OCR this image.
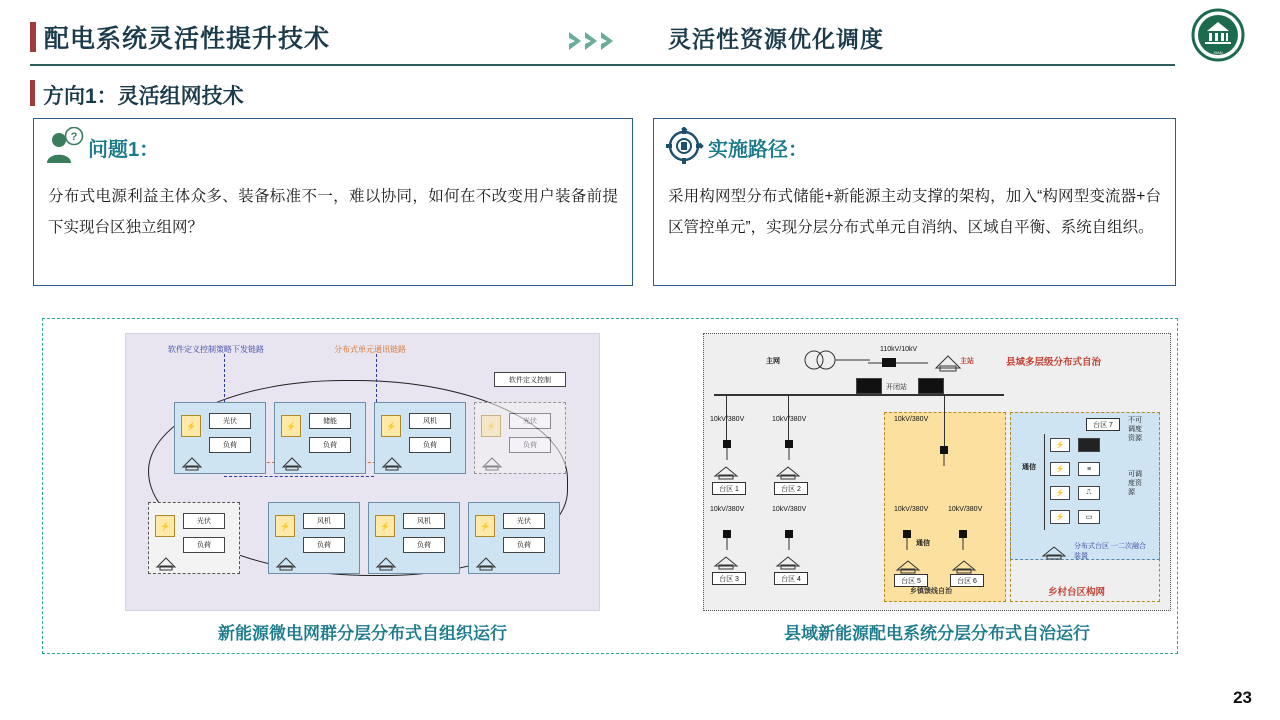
配电系统灵活性提升技术	灵活性资源优化调度
XIAN
方向1：灵活组网技术
?
问题1：
分布式电源利益主体众多、装备标准不一，难以协同，如何在不改变用户装备前提下实现台区独立组网？
实施路径：
采用构网型分布式储能+新能源主动支撑的架构，加入“构网型变流器+台区管控单元”，实现分层分布式单元自消纳、区域自平衡、系统自组织。
软件定义控制策略下发链路	分布式单元通讯链路
软件定义控制
⚡	光伏
负荷
⚡	储能
负荷
⚡	风机
负荷
⚡	光伏
负荷
⚡	光伏
负荷
⚡	风机
负荷
⚡	风机
负荷
⚡	光伏
负荷
主网
110kV/10kV
主站	县域多层级分布式自治
开闭站
乡镇馈线自治	乡村台区构网
10kV/380V
台区 1
10kV/380V
台区 2
10kV/380V
台区 3
10kV/380V
台区 4
10kV/380V
10kV/380V	10kV/380V
通信
台区 5	台区 6
台区 7
不可调度资源
可调度资源
通信
⚡
⚡	≡
⚡	⎍
⚡	▭
分布式台区 一二次融合装置
新能源微电网群分层分布式自组织运行	县域新能源配电系统分层分布式自治运行
23
